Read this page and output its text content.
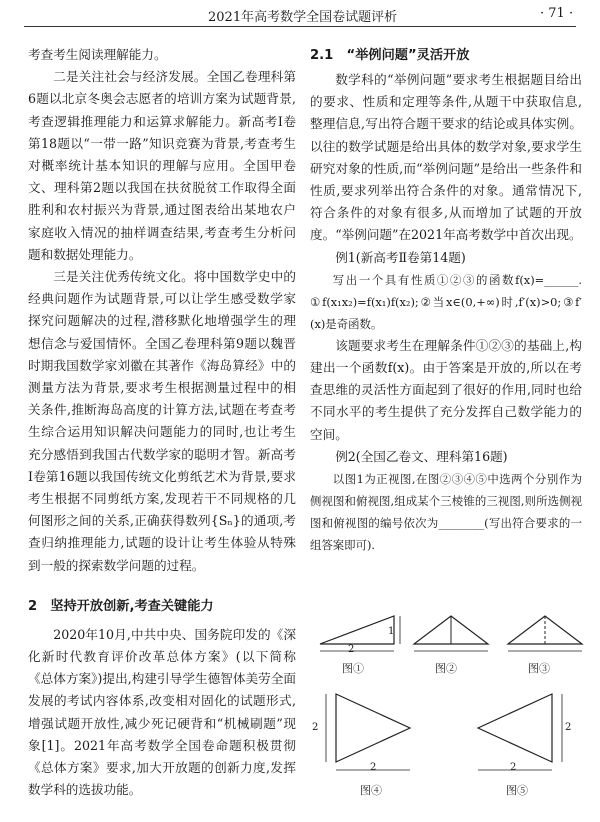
2021年高考数学全国卷试题评析	· 71 ·

考查考生阅读理解能力。

二是关注社会与经济发展。全国乙卷理科第6题以北京冬奥会志愿者的培训方案为试题背景,考查逻辑推理能力和运算求解能力。新高考Ⅰ卷第18题以“一带一路”知识竞赛为背景,考查考生对概率统计基本知识的理解与应用。全国甲卷文、理科第2题以我国在扶贫脱贫工作取得全面胜利和农村振兴为背景,通过图表给出某地农户家庭收入情况的抽样调查结果,考查考生分析问题和数据处理能力。

三是关注优秀传统文化。将中国数学史中的经典问题作为试题背景,可以让学生感受数学家探究问题解决的过程,潜移默化地增强学生的理想信念与爱国情怀。全国乙卷理科第9题以魏晋时期我国数学家刘徽在其著作《海岛算经》中的测量方法为背景,要求考生根据测量过程中的相关条件,推断海岛高度的计算方法,试题在考查考生综合运用知识解决问题能力的同时,也让考生充分感悟到我国古代数学家的聪明才智。新高考Ⅰ卷第16题以我国传统文化剪纸艺术为背景,要求考生根据不同剪纸方案,发现若干不同规格的几何图形之间的关系,正确获得数列{Sₙ}的通项,考查归纳推理能力,试题的设计让考生体验从特殊到一般的探索数学问题的过程。

2　坚持开放创新,考查关键能力

2020年10月,中共中央、国务院印发的《深化新时代教育评价改革总体方案》(以下简称《总体方案》)提出,构建引导学生德智体美劳全面发展的考试内容体系,改变相对固化的试题形式,增强试题开放性,减少死记硬背和“机械刷题”现象[1]。2021年高考数学全国卷命题积极贯彻《总体方案》要求,加大开放题的创新力度,发挥数学科的选拔功能。

2.1　“举例问题”灵活开放

数学科的“举例问题”要求考生根据题目给出的要求、性质和定理等条件,从题干中获取信息,整理信息,写出符合题干要求的结论或具体实例。以往的数学试题是给出具体的数学对象,要求学生研究对象的性质,而“举例问题”是给出一些条件和性质,要求列举出符合条件的对象。通常情况下,符合条件的对象有很多,从而增加了试题的开放度。“举例问题”在2021年高考数学中首次出现。

例1(新高考Ⅱ卷第14题)

写出一个具有性质①②③的函数f(x)=______. ①f(x₁x₂)=f(x₁)f(x₂);②当x∈(0,+∞)时,f′(x)>0;③f′(x)是奇函数。

该题要求考生在理解条件①②③的基础上,构建出一个函数f(x)。由于答案是开放的,所以在考查思维的灵活性方面起到了很好的作用,同时也给不同水平的考生提供了充分发挥自己数学能力的空间。

例2(全国乙卷文、理科第16题)

以图1为正视图,在图②③④⑤中选两个分别作为侧视图和俯视图,组成某个三棱锥的三视图,则所选侧视图和俯视图的编号依次为________(写出符合要求的一组答案即可).

1
2
图①	图②	图③
2
2
图④
2
2
图⑤
